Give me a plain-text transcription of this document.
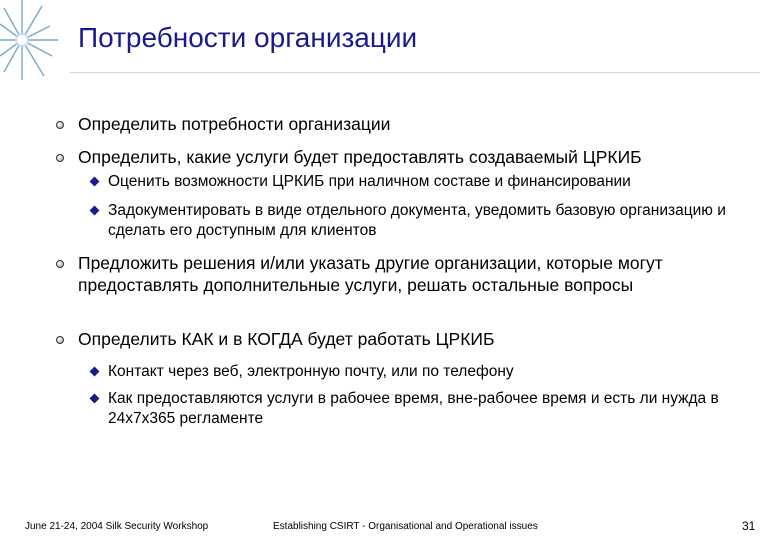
Потребности организации
Определить потребности организации
Определить, какие услуги будет предоставлять создаваемый ЦРКИБ
Оценить возможности ЦРКИБ при наличном составе и финансировании
Задокументировать в виде отдельного документа, уведомить базовую организацию и сделать его доступным для клиентов
Предложить решения и/или указать другие организации, которые могут предоставлять дополнительные услуги, решать остальные вопросы
Определить КАК и в КОГДА будет работать ЦРКИБ
Контакт через веб, электронную почту, или по телефону
Как предоставляются услуги в рабочее время, вне-рабочее время и есть ли нужда в 24x7x365 регламенте
June 21-24, 2004 Silk Security Workshop	Establishing CSIRT - Organisational and Operational issues	31
